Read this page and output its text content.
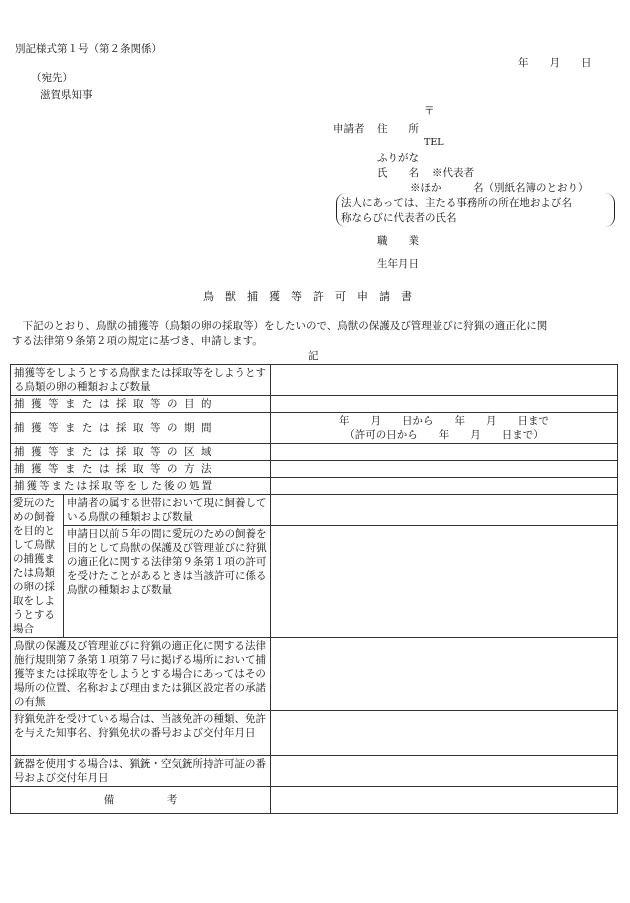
別記様式第１号（第２条関係）
年　　月　　日
（宛先）
滋賀県知事
〒
申請者 住　　所
TEL
ふりがな
氏　　名 ※代表者
※ほか　　　名（別紙名簿のとおり）
法人にあっては、主たる事務所の所在地および名
称ならびに代表者の氏名
職　　業
生年月日
鳥獣捕獲等許可申請書
　下記のとおり、鳥獣の捕獲等（鳥類の卵の採取等）をしたいので、鳥獣の保護及び管理並びに狩猟の適正化に関
する法律第９条第２項の規定に基づき、申請します。
記
捕獲等をしようとする鳥獣または採取等をしようとする鳥類の卵の種類および数量		
捕獲等または採取等の目的		
捕獲等または採取等の期間		年　　月　　日から　　年　　月　　日まで
（許可の日から　　年　　月　　日まで）

捕獲等または採取等の区域		
捕獲等または採取等の方法		
捕獲等または採取等をした後の処置		
愛玩のための飼養を目的として鳥獣の捕獲または鳥類の卵の採取をしようとする場合	申請者の属する世帯において現に飼養している鳥獣の種類および数量	
	申請日以前５年の間に愛玩のための飼養を目的として鳥獣の保護及び管理並びに狩猟の適正化に関する法律第９条第１項の許可を受けたことがあるときは当該許可に係る鳥獣の種類および数量	
鳥獣の保護及び管理並びに狩猟の適正化に関する法律施行規則第７条第１項第７号に掲げる場所において捕獲等または採取等をしようとする場合にあってはその場所の位置、名称および理由または猟区設定者の承諾の有無		
狩猟免許を受けている場合は、当該免許の種類、免許を与えた知事名、狩猟免状の番号および交付年月日		
銃器を使用する場合は、猟銃・空気銃所持許可証の番号および交付年月日		
備　　　　　考		
